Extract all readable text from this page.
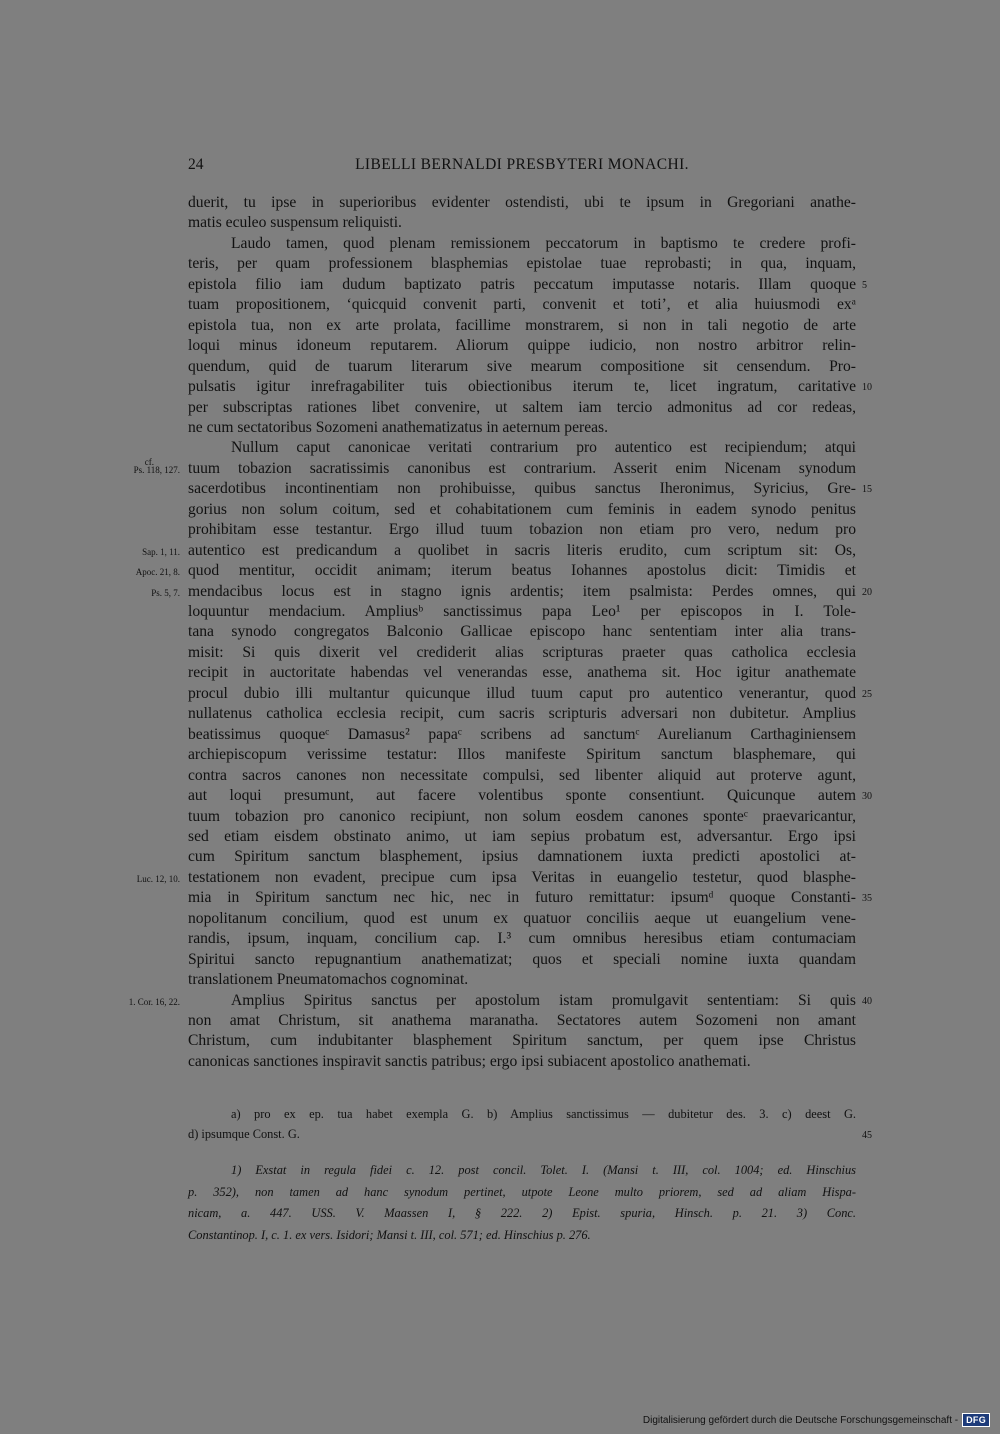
24	LIBELLI BERNALDI PRESBYTERI MONACHI.
duerit, tu ipse in superioribus evidenter ostendisti, ubi te ipsum in Gregoriani anathe-
matis eculeo suspensum reliquisti.
Laudo tamen, quod plenam remissionem peccatorum in baptismo te credere profi-
teris, per quam professionem blasphemias epistolae tuae reprobasti; in qua, inquam,
epistola filio iam dudum baptizato patris peccatum imputasse notaris. Illam quoque
tuam propositionem, ‘quicquid convenit parti, convenit et toti’, et alia huiusmodi exᵃ
epistola tua, non ex arte prolata, facillime monstrarem, si non in tali negotio de arte
loqui minus idoneum reputarem. Aliorum quippe iudicio, non nostro arbitror relin-
quendum, quid de tuarum literarum sive mearum compositione sit censendum. Pro-
pulsatis igitur inrefragabiliter tuis obiectionibus iterum te, licet ingratum, caritative
per subscriptas rationes libet convenire, ut saltem iam tercio admonitus ad cor redeas,
ne cum sectatoribus Sozomeni anathematizatus in aeternum pereas.
Nullum caput canonicae veritati contrarium pro autentico est recipiendum; atqui
tuum tobazion sacratissimis canonibus est contrarium. Asserit enim Nicenam synodum
sacerdotibus incontinentiam non prohibuisse, quibus sanctus Iheronimus, Syricius, Gre-
gorius non solum coitum, sed et cohabitationem cum feminis in eadem synodo penitus
prohibitam esse testantur. Ergo illud tuum tobazion non etiam pro vero, nedum pro
autentico est predicandum a quolibet in sacris literis erudito, cum scriptum sit: Os,
quod mentitur, occidit animam; iterum beatus Iohannes apostolus dicit: Timidis et
mendacibus locus est in stagno ignis ardentis; item psalmista: Perdes omnes, qui
loquuntur mendacium. Ampliusᵇ sanctissimus papa Leo¹ per episcopos in I. Tole-
tana synodo congregatos Balconio Gallicae episcopo hanc sententiam inter alia trans-
misit: Si quis dixerit vel crediderit alias scripturas praeter quas catholica ecclesia
recipit in auctoritate habendas vel venerandas esse, anathema sit. Hoc igitur anathemate
procul dubio illi multantur quicunque illud tuum caput pro autentico venerantur, quod
nullatenus catholica ecclesia recipit, cum sacris scripturis adversari non dubitetur. Amplius
beatissimus quoqueᶜ Damasus² papaᶜ scribens ad sanctumᶜ Aurelianum Carthaginiensem
archiepiscopum verissime testatur: Illos manifeste Spiritum sanctum blasphemare, qui
contra sacros canones non necessitate compulsi, sed libenter aliquid aut proterve agunt,
aut loqui presumunt, aut facere volentibus sponte consentiunt. Quicunque autem
tuum tobazion pro canonico recipiunt, non solum eosdem canones sponteᶜ praevaricantur,
sed etiam eisdem obstinato animo, ut iam sepius probatum est, adversantur. Ergo ipsi
cum Spiritum sanctum blasphement, ipsius damnationem iuxta predicti apostolici at-
testationem non evadent, precipue cum ipsa Veritas in euangelio testetur, quod blasphe-
mia in Spiritum sanctum nec hic, nec in futuro remittatur: ipsumᵈ quoque Constanti-
nopolitanum concilium, quod est unum ex quatuor conciliis aeque ut euangelium vene-
randis, ipsum, inquam, concilium cap. I.³ cum omnibus heresibus etiam contumaciam
Spiritui sancto repugnantium anathematizat; quos et speciali nomine iuxta quandam
translationem Pneumatomachos cognominat.
Amplius Spiritus sanctus per apostolum istam promulgavit sententiam: Si quis
non amat Christum, sit anathema maranatha. Sectatores autem Sozomeni non amant
Christum, cum indubitanter blasphement Spiritum sanctum, per quem ipse Christus
canonicas sanctiones inspiravit sanctis patribus; ergo ipsi subiacent apostolico anathemati.
cf.
Ps. 118, 127.
Sap. 1, 11.
Apoc. 21, 8.
Ps. 5, 7.
Luc. 12, 10.
1. Cor. 16, 22.
5
10
15
20
25
30
35
40
a) pro ex ep. tua habet exempla G. b) Amplius sanctissimus — dubitetur des. 3. c) deest G.
d) ipsumque Const. G.	45
1) Exstat in regula fidei c. 12. post concil. Tolet. I. (Mansi t. III, col. 1004; ed. Hinschius
p. 352), non tamen ad hanc synodum pertinet, utpote Leone multo priorem, sed ad aliam Hispa-
nicam, a. 447. USS. V. Maassen I, § 222. 2) Epist. spuria, Hinsch. p. 21. 3) Conc.
Constantinop. I, c. 1. ex vers. Isidori; Mansi t. III, col. 571; ed. Hinschius p. 276.
Digitalisierung gefördert durch die Deutsche Forschungsgemeinschaft - DFG
